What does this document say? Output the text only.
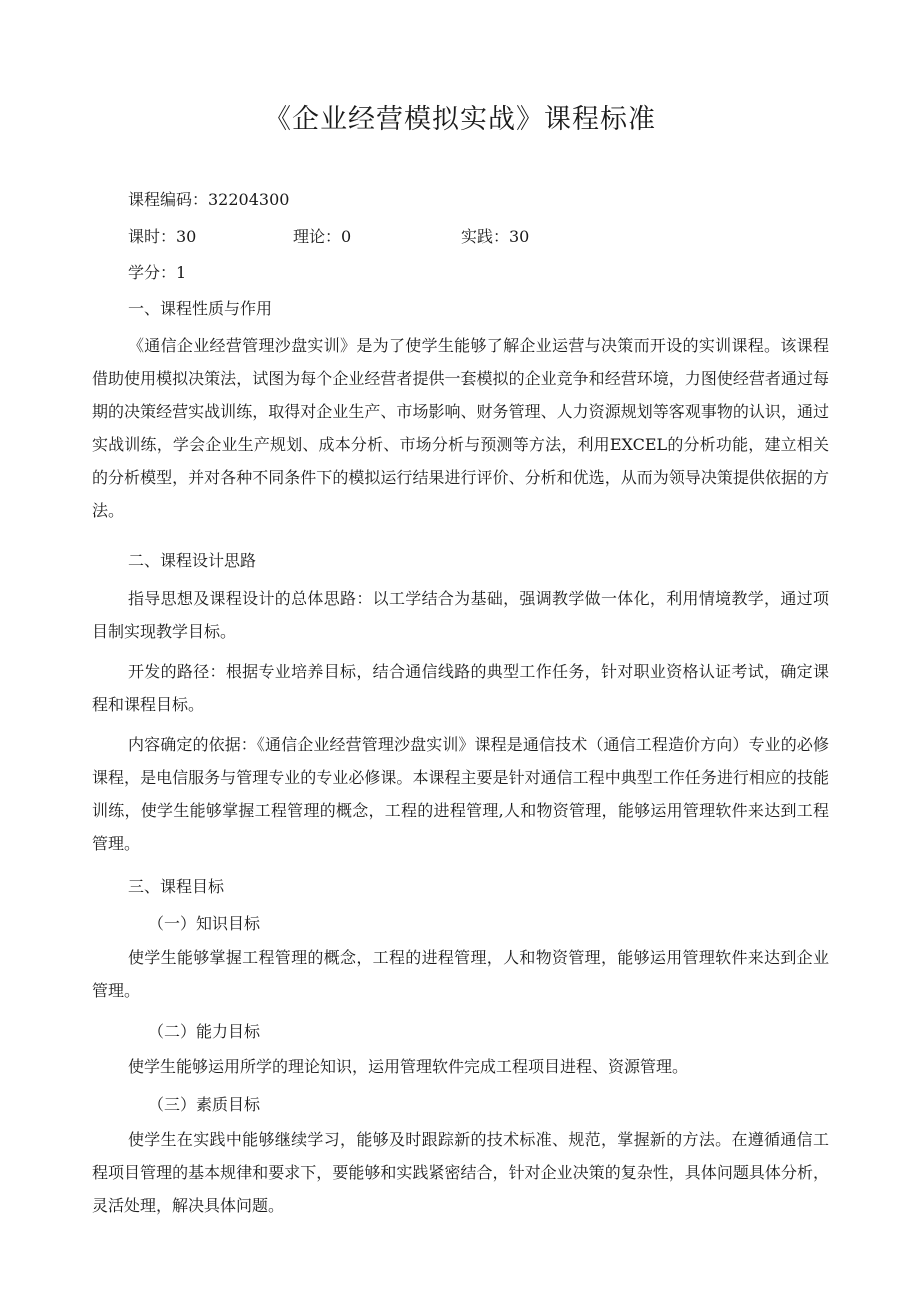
《企业经营模拟实战》课程标准
课程编码：32204300
课时：30	理论：0	实践：30
学分：1
一、课程性质与作用
《通信企业经营管理沙盘实训》是为了使学生能够了解企业运营与决策而开设的实训课程。该课程借助使用模拟决策法，试图为每个企业经营者提供一套模拟的企业竞争和经营环境，力图使经营者通过每期的决策经营实战训练，取得对企业生产、市场影响、财务管理、人力资源规划等客观事物的认识，通过实战训练，学会企业生产规划、成本分析、市场分析与预测等方法，利用EXCEL的分析功能，建立相关的分析模型，并对各种不同条件下的模拟运行结果进行评价、分析和优选，从而为领导决策提供依据的方法。
二、课程设计思路
指导思想及课程设计的总体思路：以工学结合为基础，强调教学做一体化，利用情境教学，通过项目制实现教学目标。
开发的路径：根据专业培养目标，结合通信线路的典型工作任务，针对职业资格认证考试，确定课程和课程目标。
内容确定的依据：《通信企业经营管理沙盘实训》课程是通信技术（通信工程造价方向）专业的必修课程，是电信服务与管理专业的专业必修课。本课程主要是针对通信工程中典型工作任务进行相应的技能训练，使学生能够掌握工程管理的概念，工程的进程管理,人和物资管理，能够运用管理软件来达到工程管理。
三、课程目标
（一）知识目标
使学生能够掌握工程管理的概念，工程的进程管理，人和物资管理，能够运用管理软件来达到企业管理。
（二）能力目标
使学生能够运用所学的理论知识，运用管理软件完成工程项目进程、资源管理。
（三）素质目标
使学生在实践中能够继续学习，能够及时跟踪新的技术标准、规范，掌握新的方法。在遵循通信工程项目管理的基本规律和要求下，要能够和实践紧密结合，针对企业决策的复杂性，具体问题具体分析，灵活处理，解决具体问题。
